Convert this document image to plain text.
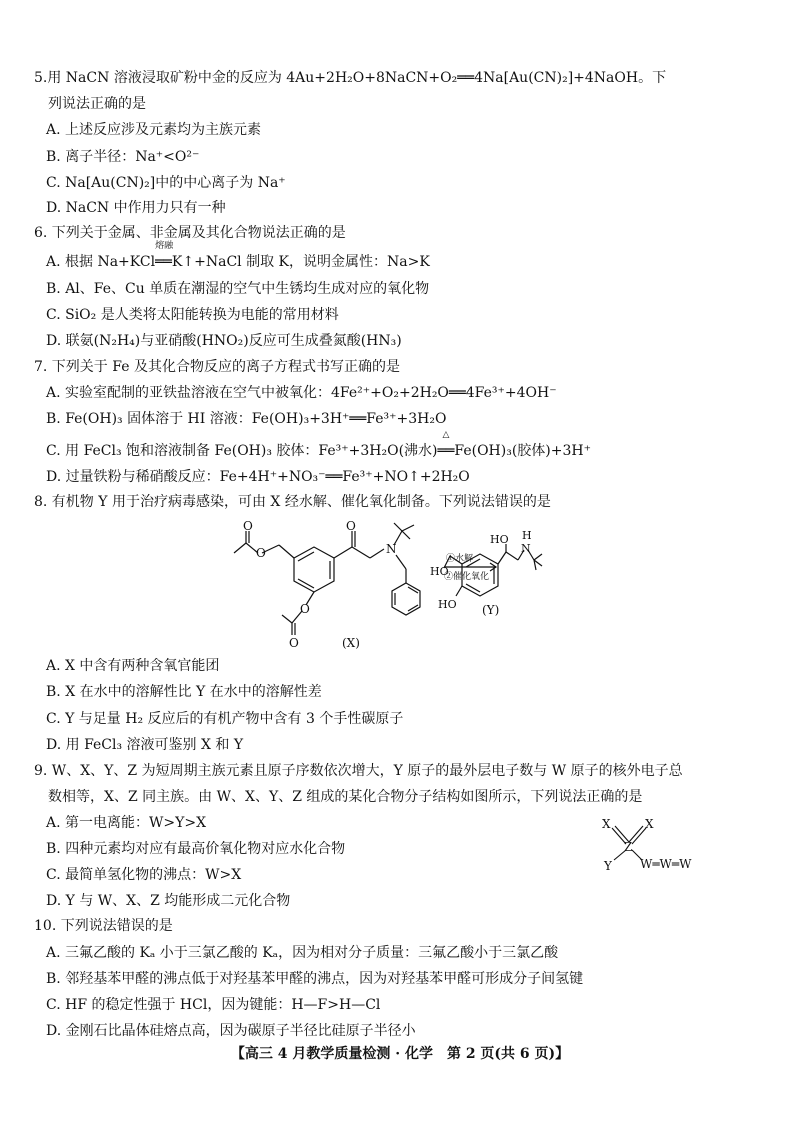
5.用 NaCN 溶液浸取矿粉中金的反应为 4Au+2H₂O+8NaCN+O₂══4Na[Au(CN)₂]+4NaOH。下
列说法正确的是
A. 上述反应涉及元素均为主族元素
B. 离子半径：Na⁺<O²⁻
C. Na[Au(CN)₂]中的中心离子为 Na⁺
D. NaCN 中作用力只有一种
6. 下列关于金属、非金属及其化合物说法正确的是
A. 根据 Na+KCl
熔融
══K↑+NaCl 制取 K，说明金属性：Na>K
B. Al、Fe、Cu 单质在潮湿的空气中生锈均生成对应的氧化物
C. SiO₂ 是人类将太阳能转换为电能的常用材料
D. 联氨(N₂H₄)与亚硝酸(HNO₂)反应可生成叠氮酸(HN₃)
7. 下列关于 Fe 及其化合物反应的离子方程式书写正确的是
A. 实验室配制的亚铁盐溶液在空气中被氧化：4Fe²⁺+O₂+2H₂O══4Fe³⁺+4OH⁻
B. Fe(OH)₃ 固体溶于 HI 溶液：Fe(OH)₃+3H⁺══Fe³⁺+3H₂O
C. 用 FeCl₃ 饱和溶液制备 Fe(OH)₃ 胶体：Fe³⁺+3H₂O(沸水)
△
══Fe(OH)₃(胶体)+3H⁺
D. 过量铁粉与稀硝酸反应：Fe+4H⁺+NO₃⁻══Fe³⁺+NO↑+2H₂O
8. 有机物 Y 用于治疗病毒感染，可由 X 经水解、催化氧化制备。下列说法错误的是
N
O
O
O
O
O
①水解
②催化氧化
(X)
HO
HO
HO H
N
(Y)
A. X 中含有两种含氧官能团
B. X 在水中的溶解性比 Y 在水中的溶解性差
C. Y 与足量 H₂ 反应后的有机产物中含有 3 个手性碳原子
D. 用 FeCl₃ 溶液可鉴别 X 和 Y
9. W、X、Y、Z 为短周期主族元素且原子序数依次增大，Y 原子的最外层电子数与 W 原子的核外电子总
数相等，X、Z 同主族。由 W、X、Y、Z 组成的某化合物分子结构如图所示，下列说法正确的是
A. 第一电离能：W>Y>X
B. 四种元素均对应有最高价氧化物对应水化合物
C. 最简单氢化物的沸点：W>X
D. Y 与 W、X、Z 均能形成二元化合物
X	X
Z
Y W═W═W
10. 下列说法错误的是
A. 三氟乙酸的 Kₐ 小于三氯乙酸的 Kₐ，因为相对分子质量：三氟乙酸小于三氯乙酸
B. 邻羟基苯甲醛的沸点低于对羟基苯甲醛的沸点，因为对羟基苯甲醛可形成分子间氢键
C. HF 的稳定性强于 HCl，因为键能：H—F>H—Cl
D. 金刚石比晶体硅熔点高，因为碳原子半径比硅原子半径小
【高三 4 月教学质量检测 · 化学　第 2 页(共 6 页)】
